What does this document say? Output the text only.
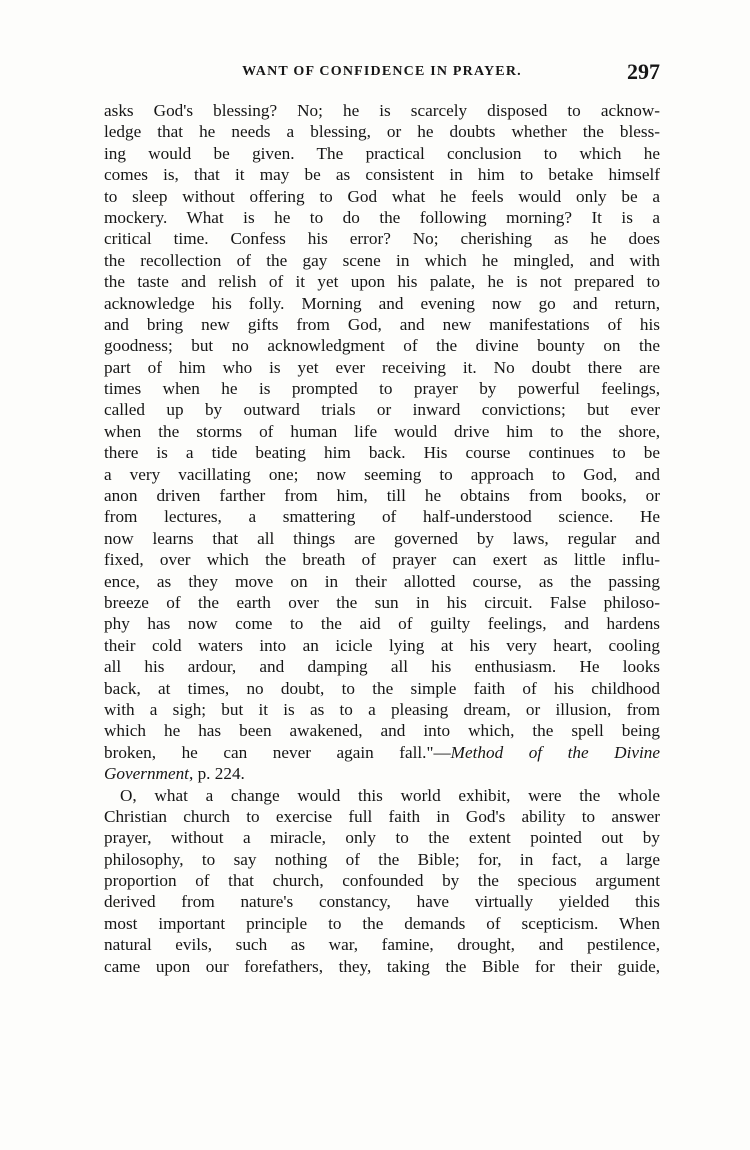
WANT OF CONFIDENCE IN PRAYER.	297
asks God's blessing? No; he is scarcely disposed to acknow-
ledge that he needs a blessing, or he doubts whether the bless-
ing would be given. The practical conclusion to which he
comes is, that it may be as consistent in him to betake himself
to sleep without offering to God what he feels would only be a
mockery. What is he to do the following morning? It is a
critical time. Confess his error? No; cherishing as he does
the recollection of the gay scene in which he mingled, and with
the taste and relish of it yet upon his palate, he is not prepared to
acknowledge his folly. Morning and evening now go and return,
and bring new gifts from God, and new manifestations of his
goodness; but no acknowledgment of the divine bounty on the
part of him who is yet ever receiving it. No doubt there are
times when he is prompted to prayer by powerful feelings,
called up by outward trials or inward convictions; but ever
when the storms of human life would drive him to the shore,
there is a tide beating him back. His course continues to be
a very vacillating one; now seeming to approach to God, and
anon driven farther from him, till he obtains from books, or
from lectures, a smattering of half-understood science. He
now learns that all things are governed by laws, regular and
fixed, over which the breath of prayer can exert as little influ-
ence, as they move on in their allotted course, as the passing
breeze of the earth over the sun in his circuit. False philoso-
phy has now come to the aid of guilty feelings, and hardens
their cold waters into an icicle lying at his very heart, cooling
all his ardour, and damping all his enthusiasm. He looks
back, at times, no doubt, to the simple faith of his childhood
with a sigh; but it is as to a pleasing dream, or illusion, from
which he has been awakened, and into which, the spell being
broken, he can never again fall."—Method of the Divine
Government, p. 224.
O, what a change would this world exhibit, were the whole
Christian church to exercise full faith in God's ability to answer
prayer, without a miracle, only to the extent pointed out by
philosophy, to say nothing of the Bible; for, in fact, a large
proportion of that church, confounded by the specious argument
derived from nature's constancy, have virtually yielded this
most important principle to the demands of scepticism. When
natural evils, such as war, famine, drought, and pestilence,
came upon our forefathers, they, taking the Bible for their guide,
